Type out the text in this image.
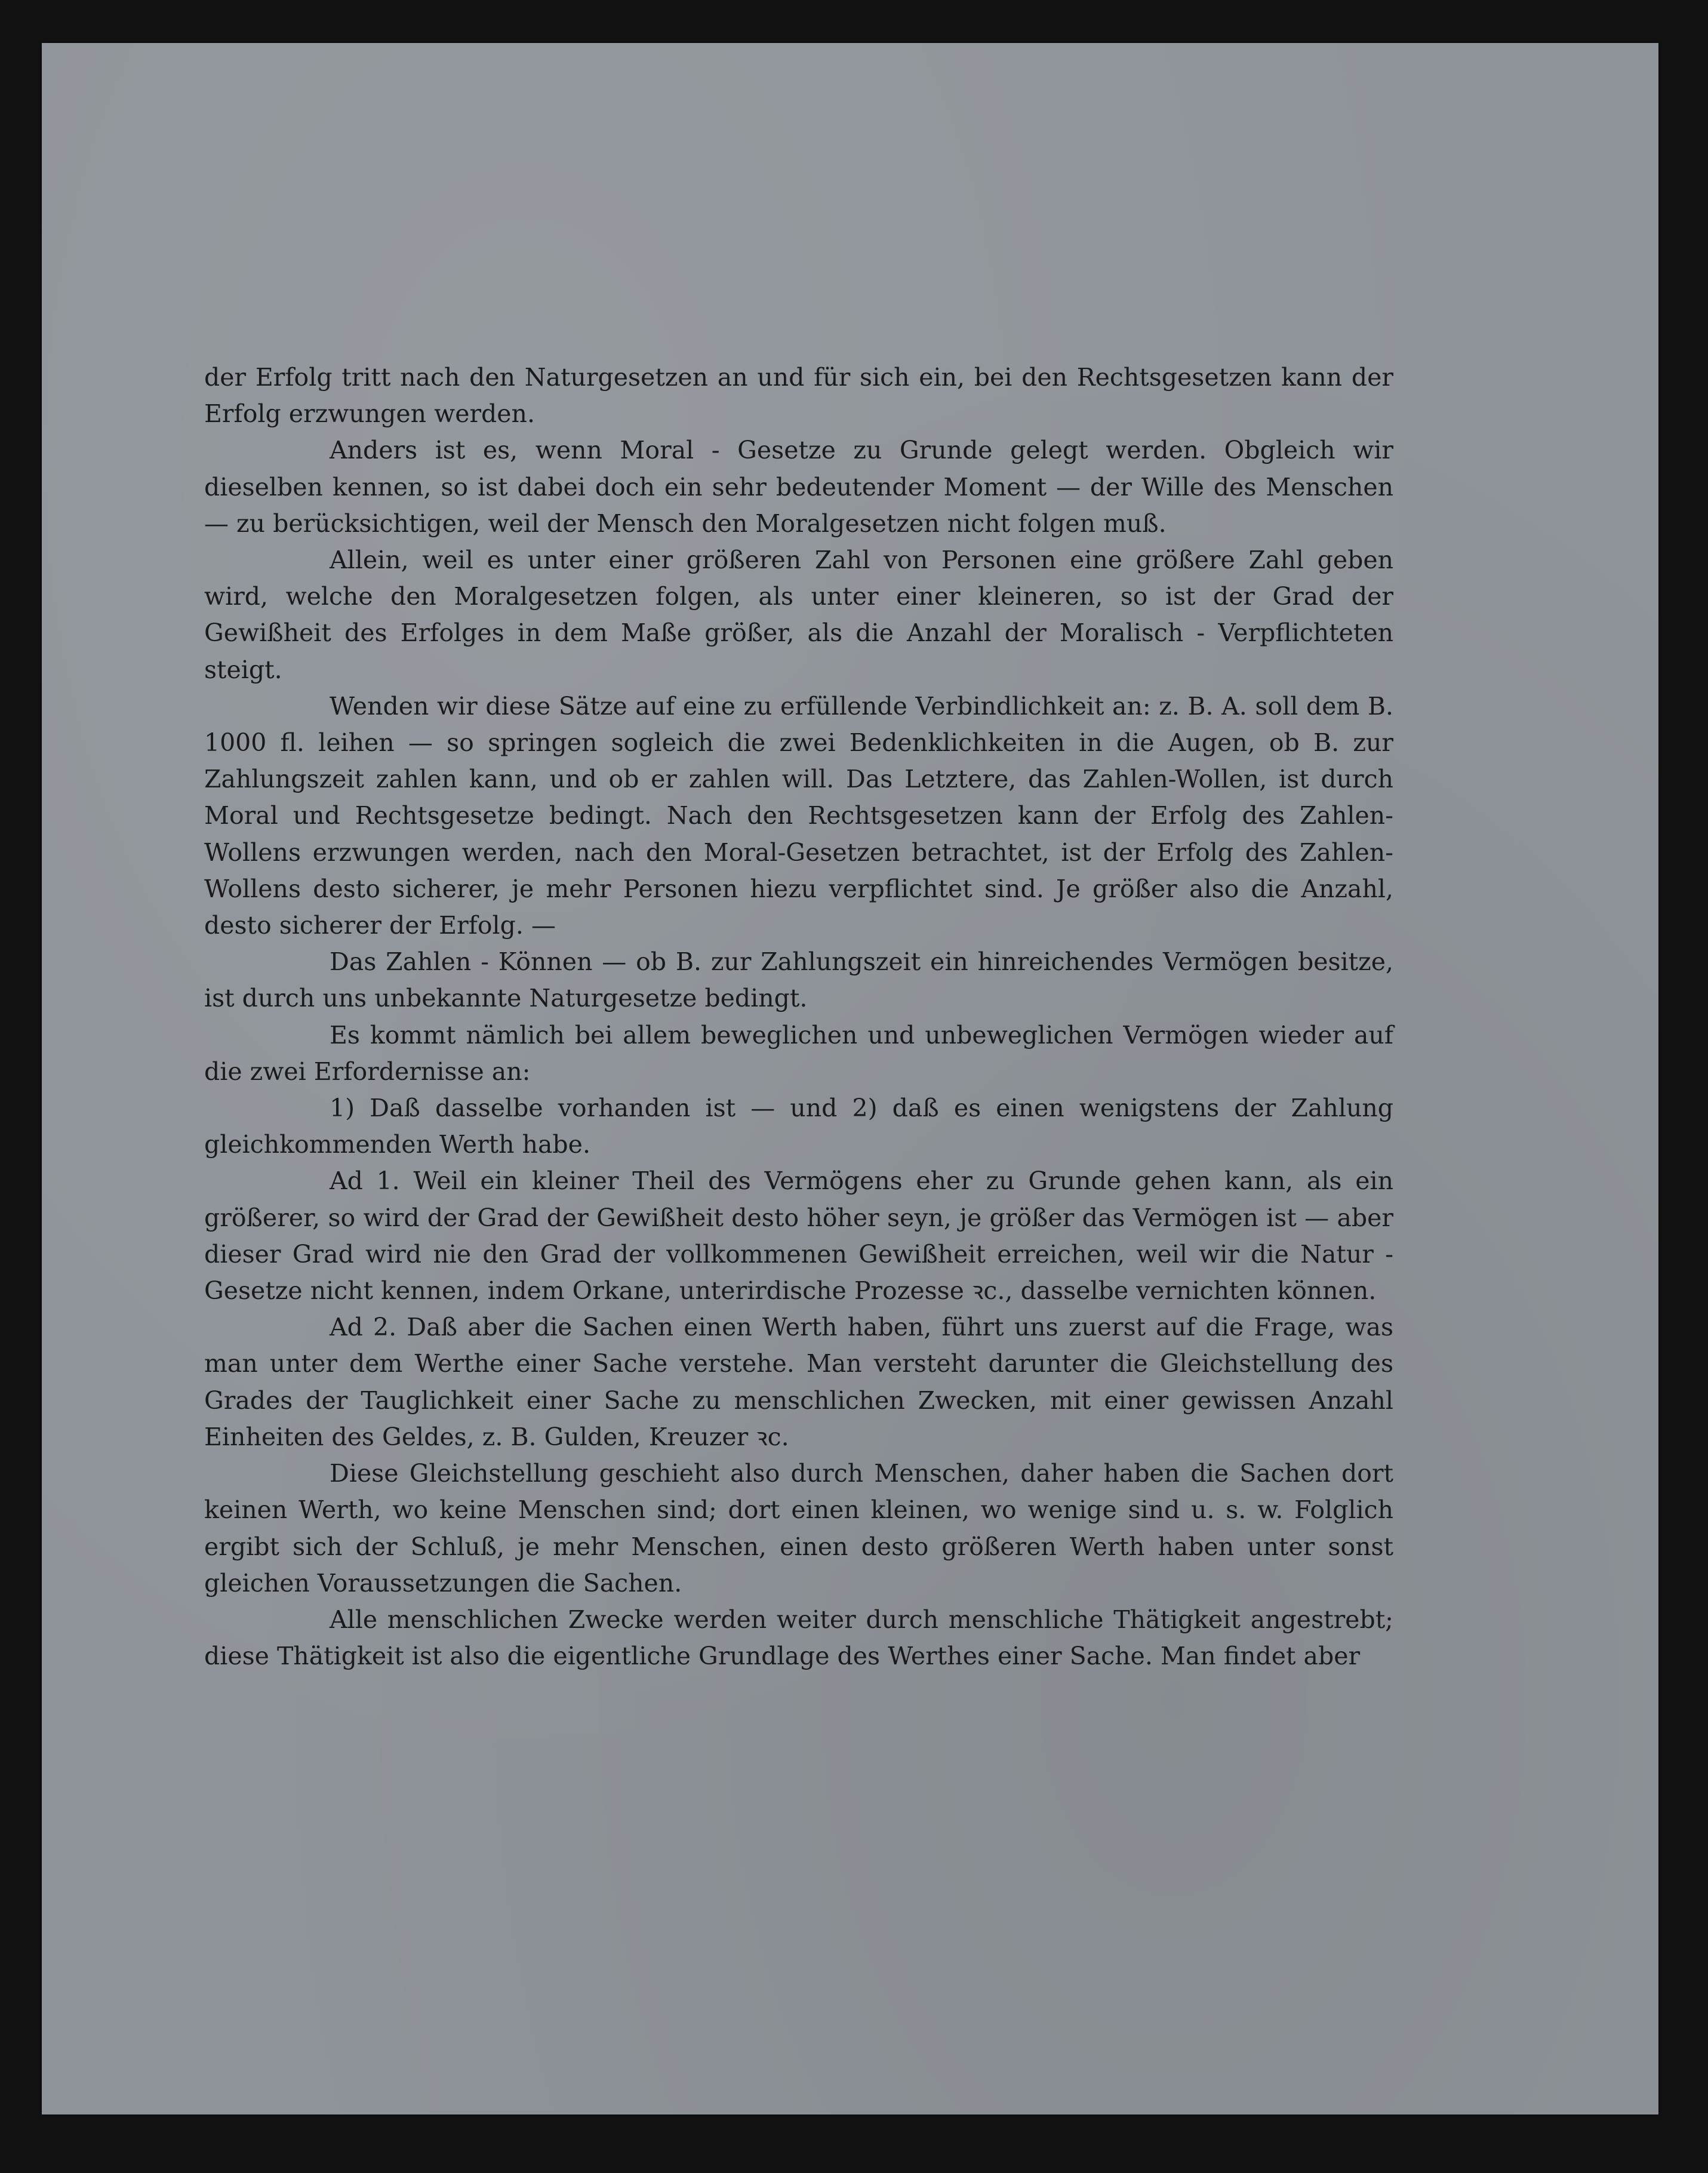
der Erfolg tritt nach den Naturgesetzen an und für sich ein, bei den Rechtsgesetzen kann der Erfolg erzwungen werden.

Anders ist es, wenn Moral - Gesetze zu Grunde gelegt werden. Obgleich wir dieselben kennen, so ist dabei doch ein sehr bedeutender Moment — der Wille des Menschen — zu berücksichtigen, weil der Mensch den Moralgesetzen nicht folgen muß.

Allein, weil es unter einer größeren Zahl von Personen eine größere Zahl geben wird, welche den Moralgesetzen folgen, als unter einer kleineren, so ist der Grad der Gewißheit des Erfolges in dem Maße größer, als die Anzahl der Moralisch - Verpflichteten steigt.

Wenden wir diese Sätze auf eine zu erfüllende Verbindlichkeit an: z. B. A. soll dem B. 1000 fl. leihen — so springen sogleich die zwei Bedenklichkeiten in die Augen, ob B. zur Zahlungszeit zahlen kann, und ob er zahlen will. Das Letztere, das Zahlen-Wollen, ist durch Moral und Rechtsgesetze bedingt. Nach den Rechtsgesetzen kann der Erfolg des Zahlen-Wollens erzwungen werden, nach den Moral-Gesetzen betrachtet, ist der Erfolg des Zahlen-Wollens desto sicherer, je mehr Personen hiezu verpflichtet sind. Je größer also die Anzahl, desto sicherer der Erfolg. —

Das Zahlen - Können — ob B. zur Zahlungszeit ein hinreichendes Vermögen besitze, ist durch uns unbekannte Naturgesetze bedingt.

Es kommt nämlich bei allem beweglichen und unbeweglichen Vermögen wieder auf die zwei Erfordernisse an:

1) Daß dasselbe vorhanden ist — und 2) daß es einen wenigstens der Zahlung gleichkommenden Werth habe.

Ad 1. Weil ein kleiner Theil des Vermögens eher zu Grunde gehen kann, als ein größerer, so wird der Grad der Gewißheit desto höher seyn, je größer das Vermögen ist — aber dieser Grad wird nie den Grad der vollkommenen Gewißheit erreichen, weil wir die Natur - Gesetze nicht kennen, indem Orkane, unterirdische Prozesse ꝛc., dasselbe vernichten können.

Ad 2. Daß aber die Sachen einen Werth haben, führt uns zuerst auf die Frage, was man unter dem Werthe einer Sache verstehe. Man versteht darunter die Gleichstellung des Grades der Tauglichkeit einer Sache zu menschlichen Zwecken, mit einer gewissen Anzahl Einheiten des Geldes, z. B. Gulden, Kreuzer ꝛc.

Diese Gleichstellung geschieht also durch Menschen, daher haben die Sachen dort keinen Werth, wo keine Menschen sind; dort einen kleinen, wo wenige sind u. s. w. Folglich ergibt sich der Schluß, je mehr Menschen, einen desto größeren Werth haben unter sonst gleichen Voraussetzungen die Sachen.

Alle menschlichen Zwecke werden weiter durch menschliche Thätigkeit angestrebt; diese Thätigkeit ist also die eigentliche Grundlage des Werthes einer Sache. Man findet aber
